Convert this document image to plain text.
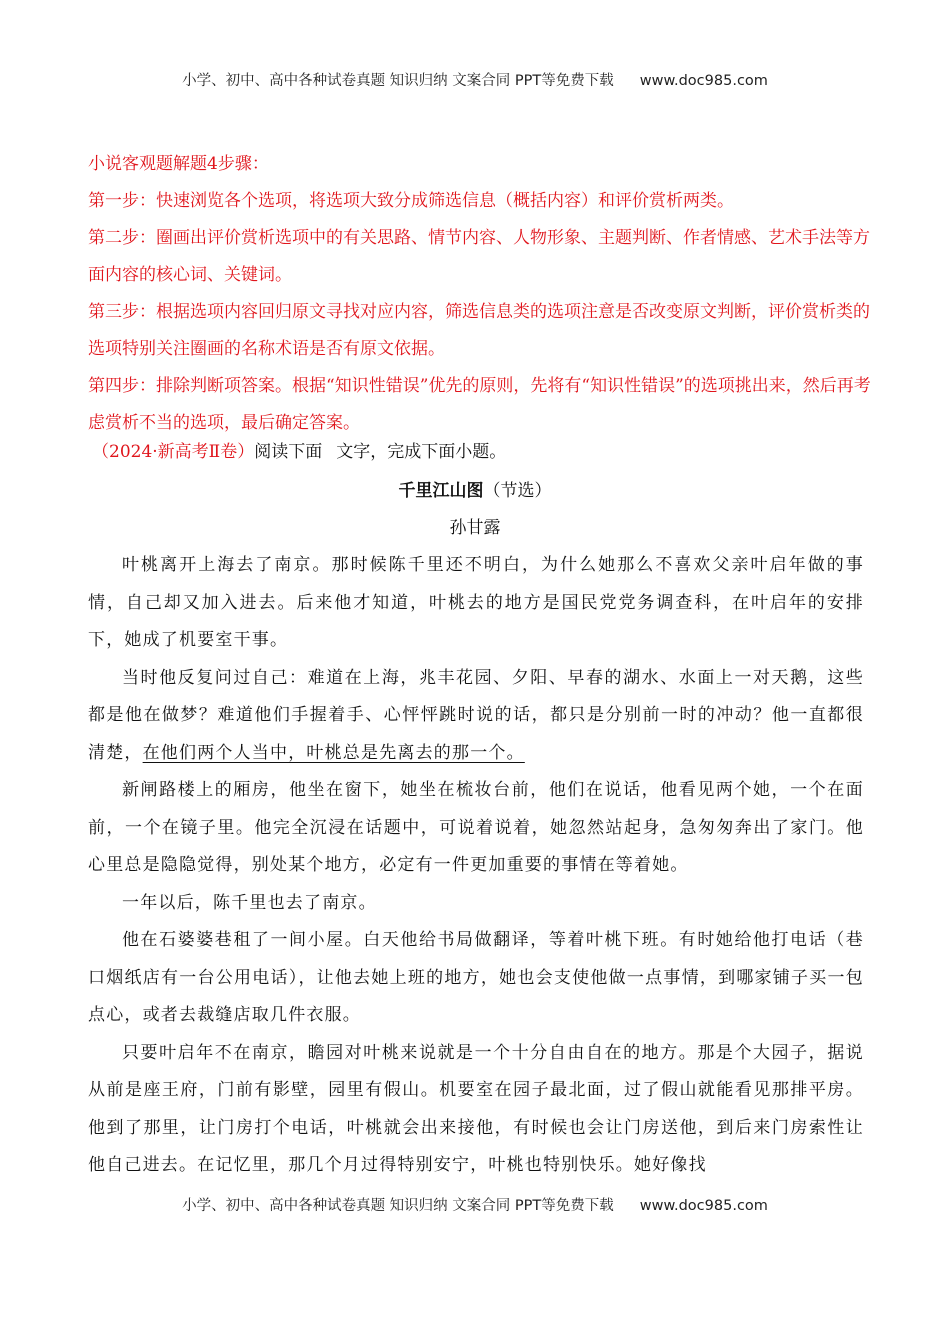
小学、初中、高中各种试卷真题 知识归纳 文案合同 PPT等免费下载 www.doc985.com

小说客观题解题4步骤：

第一步：快速浏览各个选项，将选项大致分成筛选信息（概括内容）和评价赏析两类。

第二步：圈画出评价赏析选项中的有关思路、情节内容、人物形象、主题判断、作者情感、艺术手法等方面内容的核心词、关键词。

第三步：根据选项内容回归原文寻找对应内容，筛选信息类的选项注意是否改变原文判断，评价赏析类的选项特别关注圈画的名称术语是否有原文依据。

第四步：排除判断项答案。根据“知识性错误”优先的原则，先将有“知识性错误”的选项挑出来，然后再考虑赏析不当的选项，最后确定答案。

（2024·新高考Ⅱ卷）阅读下面 文字，完成下面小题。
千里江山图（节选）
孙甘露

叶桃离开上海去了南京。那时候陈千里还不明白，为什么她那么不喜欢父亲叶启年做的事情，自己却又加入进去。后来他才知道，叶桃去的地方是国民党党务调查科，在叶启年的安排下，她成了机要室干事。

当时他反复问过自己：难道在上海，兆丰花园、夕阳、早春的湖水、水面上一对天鹅，这些都是他在做梦？难道他们手握着手、心怦怦跳时说的话，都只是分别前一时的冲动？他一直都很清楚，在他们两个人当中，叶桃总是先离去的那一个。

新闸路楼上的厢房，他坐在窗下，她坐在梳妆台前，他们在说话，他看见两个她，一个在面前，一个在镜子里。他完全沉浸在话题中，可说着说着，她忽然站起身，急匆匆奔出了家门。他心里总是隐隐觉得，别处某个地方，必定有一件更加重要的事情在等着她。

一年以后，陈千里也去了南京。

他在石婆婆巷租了一间小屋。白天他给书局做翻译，等着叶桃下班。有时她给他打电话（巷口烟纸店有一台公用电话），让他去她上班的地方，她也会支使他做一点事情，到哪家铺子买一包点心，或者去裁缝店取几件衣服。

只要叶启年不在南京，瞻园对叶桃来说就是一个十分自由自在的地方。那是个大园子，据说从前是座王府，门前有影壁，园里有假山。机要室在园子最北面，过了假山就能看见那排平房。他到了那里，让门房打个电话，叶桃就会出来接他，有时候也会让门房送他，到后来门房索性让他自己进去。在记忆里，那几个月过得特别安宁，叶桃也特别快乐。她好像找

小学、初中、高中各种试卷真题 知识归纳 文案合同 PPT等免费下载 www.doc985.com
